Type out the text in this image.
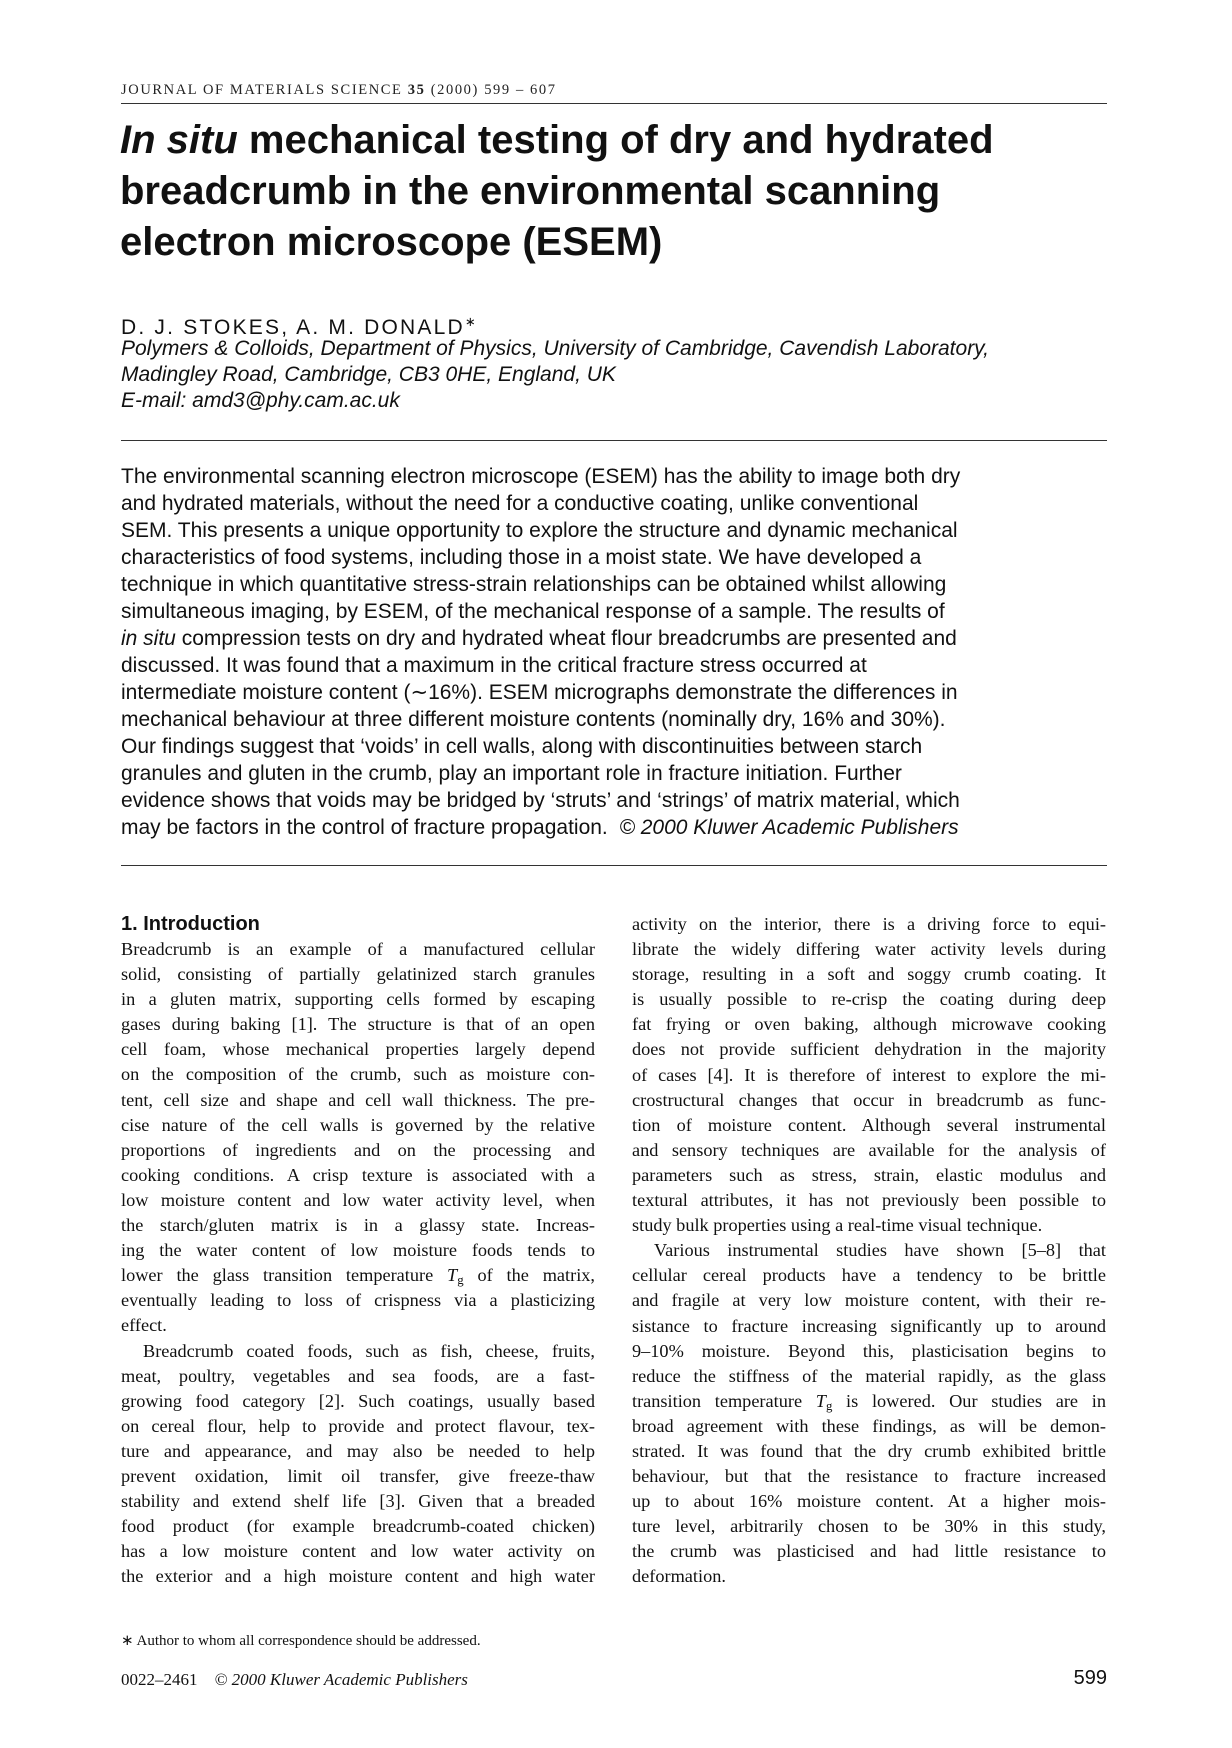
JOURNAL OF MATERIALS SCIENCE 35 (2000) 599 – 607
In situ mechanical testing of dry and hydrated
breadcrumb in the environmental scanning
electron microscope (ESEM)
D. J. STOKES, A. M. DONALD∗
Polymers & Colloids, Department of Physics, University of Cambridge, Cavendish Laboratory,
Madingley Road, Cambridge, CB3 0HE, England, UK
E-mail: amd3@phy.cam.ac.uk
The environmental scanning electron microscope (ESEM) has the ability to image both dry
and hydrated materials, without the need for a conductive coating, unlike conventional
SEM. This presents a unique opportunity to explore the structure and dynamic mechanical
characteristics of food systems, including those in a moist state. We have developed a
technique in which quantitative stress-strain relationships can be obtained whilst allowing
simultaneous imaging, by ESEM, of the mechanical response of a sample. The results of
in situ compression tests on dry and hydrated wheat flour breadcrumbs are presented and
discussed. It was found that a maximum in the critical fracture stress occurred at
intermediate moisture content (∼16%). ESEM micrographs demonstrate the differences in
mechanical behaviour at three different moisture contents (nominally dry, 16% and 30%).
Our findings suggest that ‘voids’ in cell walls, along with discontinuities between starch
granules and gluten in the crumb, play an important role in fracture initiation. Further
evidence shows that voids may be bridged by ‘struts’ and ‘strings’ of matrix material, which
may be factors in the control of fracture propagation. © 2000 Kluwer Academic Publishers
1. Introduction
Breadcrumb is an example of a manufactured cellular
solid, consisting of partially gelatinized starch granules
in a gluten matrix, supporting cells formed by escaping
gases during baking [1]. The structure is that of an open
cell foam, whose mechanical properties largely depend
on the composition of the crumb, such as moisture con-
tent, cell size and shape and cell wall thickness. The pre-
cise nature of the cell walls is governed by the relative
proportions of ingredients and on the processing and
cooking conditions. A crisp texture is associated with a
low moisture content and low water activity level, when
the starch/gluten matrix is in a glassy state. Increas-
ing the water content of low moisture foods tends to
lower the glass transition temperature $T_g$ of the matrix,
eventually leading to loss of crispness via a plasticizing
effect.
Breadcrumb coated foods, such as fish, cheese, fruits,
meat, poultry, vegetables and sea foods, are a fast-
growing food category [2]. Such coatings, usually based
on cereal flour, help to provide and protect flavour, tex-
ture and appearance, and may also be needed to help
prevent oxidation, limit oil transfer, give freeze-thaw
stability and extend shelf life [3]. Given that a breaded
food product (for example breadcrumb-coated chicken)
has a low moisture content and low water activity on
the exterior and a high moisture content and high water
activity on the interior, there is a driving force to equi-
librate the widely differing water activity levels during
storage, resulting in a soft and soggy crumb coating. It
is usually possible to re-crisp the coating during deep
fat frying or oven baking, although microwave cooking
does not provide sufficient dehydration in the majority
of cases [4]. It is therefore of interest to explore the mi-
crostructural changes that occur in breadcrumb as func-
tion of moisture content. Although several instrumental
and sensory techniques are available for the analysis of
parameters such as stress, strain, elastic modulus and
textural attributes, it has not previously been possible to
study bulk properties using a real-time visual technique.
Various instrumental studies have shown [5–8] that
cellular cereal products have a tendency to be brittle
and fragile at very low moisture content, with their re-
sistance to fracture increasing significantly up to around
9–10% moisture. Beyond this, plasticisation begins to
reduce the stiffness of the material rapidly, as the glass
transition temperature $T_g$ is lowered. Our studies are in
broad agreement with these findings, as will be demon-
strated. It was found that the dry crumb exhibited brittle
behaviour, but that the resistance to fracture increased
up to about 16% moisture content. At a higher mois-
ture level, arbitrarily chosen to be 30% in this study,
the crumb was plasticised and had little resistance to
deformation.
∗ Author to whom all correspondence should be addressed.
0022–2461 © 2000 Kluwer Academic Publishers	599
